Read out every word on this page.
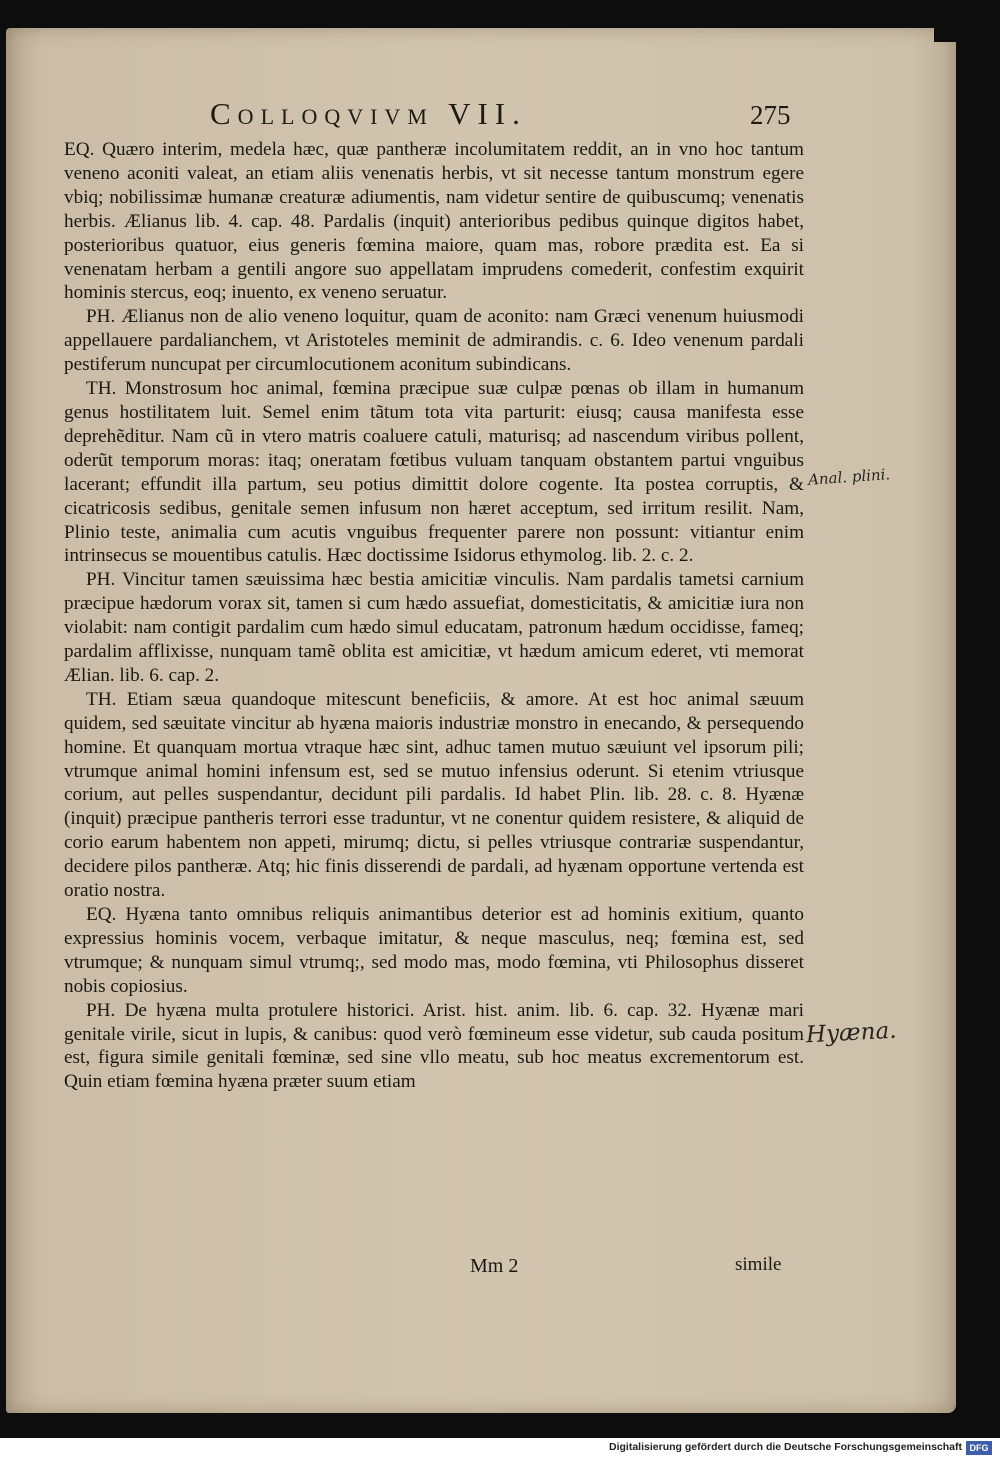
Colloqvivm VII.	275

EQ. Quæro interim, medela hæc, quæ pantheræ incolumitatem reddit, an in vno hoc tantum veneno aconiti valeat, an etiam aliis venenatis herbis, vt sit necesse tantum monstrum egere vbiq; nobilissimæ humanæ creaturæ adiumentis, nam videtur sentire de quibuscumq; venenatis herbis. Ælianus lib. 4. cap. 48. Pardalis (inquit) anterioribus pedibus quinque digitos habet, posterioribus quatuor, eius generis fœmina maiore, quam mas, robore prædita est. Ea si venenatam herbam a gentili angore suo appellatam imprudens comederit, confestim exquirit hominis stercus, eoq; inuento, ex veneno seruatur.

PH. Ælianus non de alio veneno loquitur, quam de aconito: nam Græci venenum huiusmodi appellauere pardalianchem, vt Aristoteles meminit de admirandis. c. 6. Ideo venenum pardali pestiferum nuncupat per circumlocutionem aconitum subindicans.

TH. Monstrosum hoc animal, fœmina præcipue suæ culpæ pœnas ob illam in humanum genus hostilitatem luit. Semel enim tãtum tota vita parturit: eiusq; causa manifesta esse deprehẽditur. Nam cũ in vtero matris coaluere catuli, maturisq; ad nascendum viribus pollent, oderũt temporum moras: itaq; oneratam fœtibus vuluam tanquam obstantem partui vnguibus lacerant; effundit illa partum, seu potius dimittit dolore cogente. Ita postea corruptis, & cicatricosis sedibus, genitale semen infusum non hæret acceptum, sed irritum resilit. Nam, Plinio teste, animalia cum acutis vnguibus frequenter parere non possunt: vitiantur enim intrinsecus se mouentibus catulis. Hæc doctissime Isidorus ethymolog. lib. 2. c. 2.

PH. Vincitur tamen sæuissima hæc bestia amicitiæ vinculis. Nam pardalis tametsi carnium præcipue hædorum vorax sit, tamen si cum hædo assuefiat, domesticitatis, & amicitiæ iura non violabit: nam contigit pardalim cum hædo simul educatam, patronum hædum occidisse, fameq; pardalim afflixisse, nunquam tamẽ oblita est amicitiæ, vt hædum amicum ederet, vti memorat Ælian. lib. 6. cap. 2.

TH. Etiam sæua quandoque mitescunt beneficiis, & amore. At est hoc animal sæuum quidem, sed sæuitate vincitur ab hyæna maioris industriæ monstro in enecando, & persequendo homine. Et quanquam mortua vtraque hæc sint, adhuc tamen mutuo sæuiunt vel ipsorum pili; vtrumque animal homini infensum est, sed se mutuo infensius oderunt. Si etenim vtriusque corium, aut pelles suspendantur, decidunt pili pardalis. Id habet Plin. lib. 28. c. 8. Hyænæ (inquit) præcipue pantheris terrori esse traduntur, vt ne conentur quidem resistere, & aliquid de corio earum habentem non appeti, mirumq; dictu, si pelles vtriusque contrariæ suspendantur, decidere pilos pantheræ. Atq; hic finis disserendi de pardali, ad hyænam opportune vertenda est oratio nostra.

EQ. Hyæna tanto omnibus reliquis animantibus deterior est ad hominis exitium, quanto expressius hominis vocem, verbaque imitatur, & neque masculus, neq; fœmina est, sed vtrumque; & nunquam simul vtrumq;, sed modo mas, modo fœmina, vti Philosophus disseret nobis copiosius.

PH. De hyæna multa protulere historici. Arist. hist. anim. lib. 6. cap. 32. Hyænæ mari genitale virile, sicut in lupis, & canibus: quod verò fœmineum esse videtur, sub cauda positum est, figura simile genitali fœminæ, sed sine vllo meatu, sub hoc meatus excrementorum est. Quin etiam fœmina hyæna præter suum etiam

Anal. plini.
Hyæna.
Mm 2	simile
Digitalisierung gefördert durch die Deutsche Forschungsgemeinschaft DFG
